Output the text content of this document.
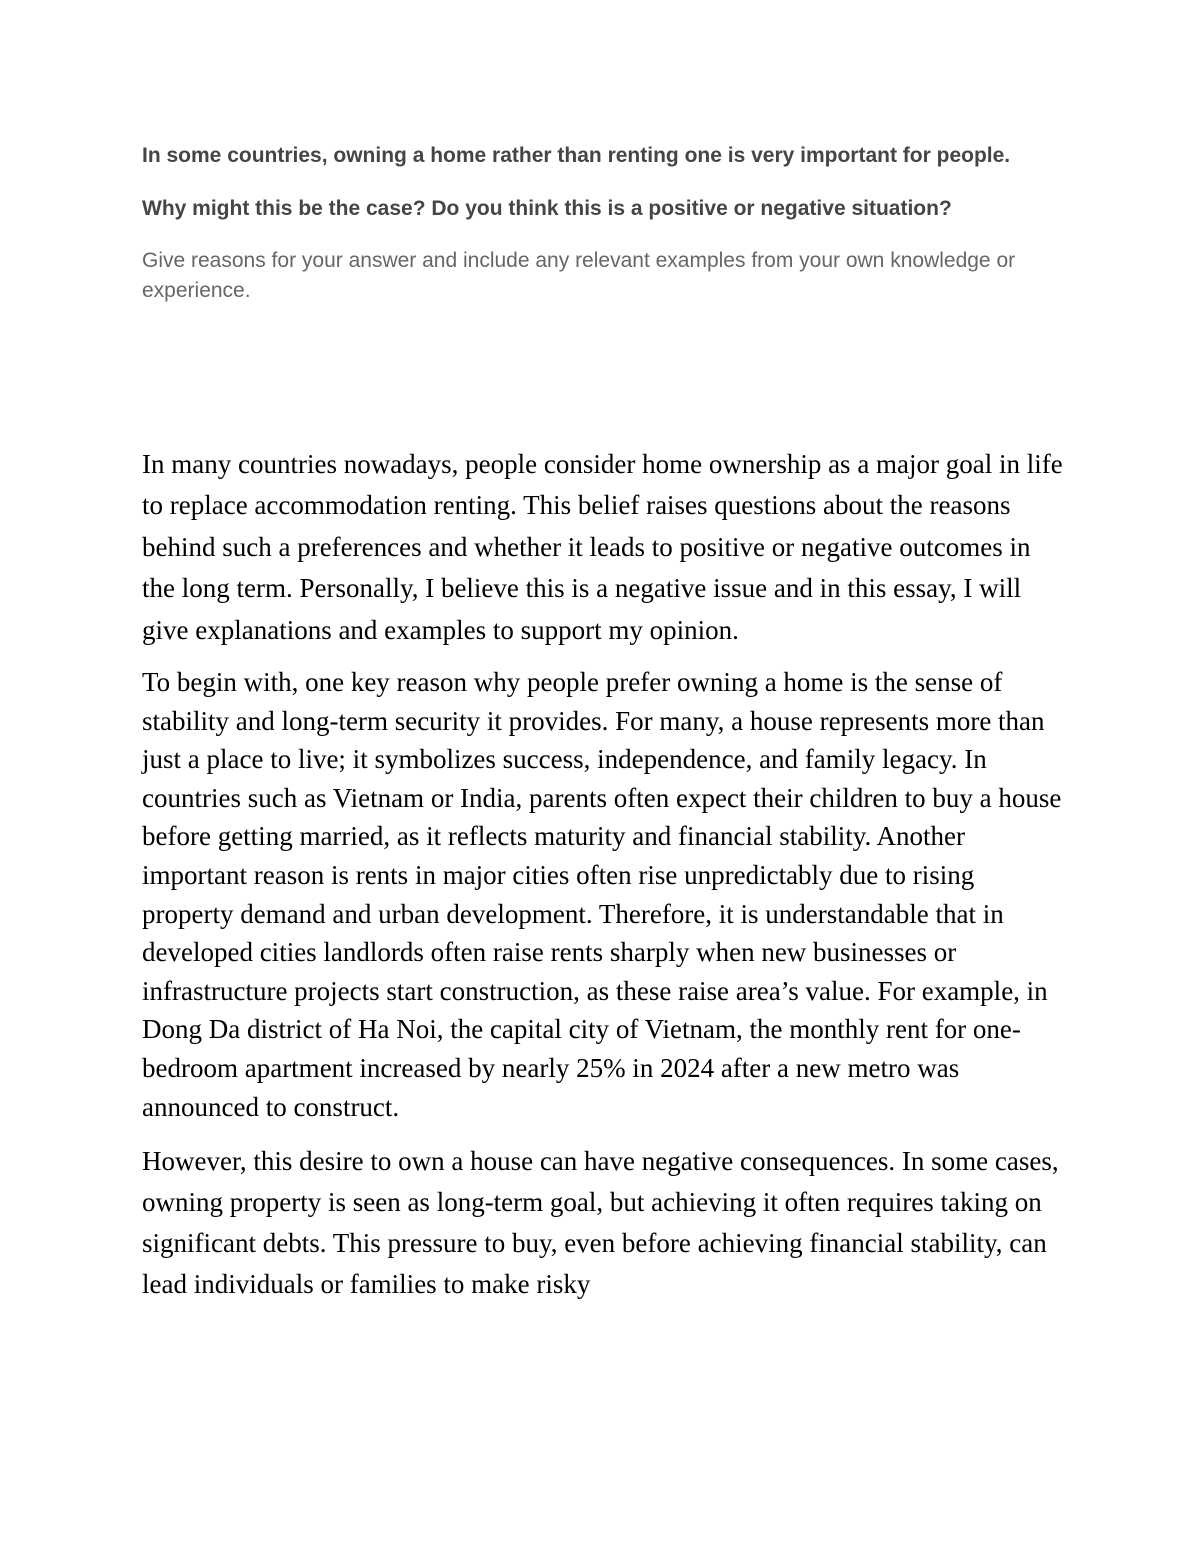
In some countries, owning a home rather than renting one is very important for people.

Why might this be the case? Do you think this is a positive or negative situation?

Give reasons for your answer and include any relevant examples from your own knowledge or experience.

In many countries nowadays, people consider home ownership as a major goal in life to replace accommodation renting. This belief raises questions about the reasons behind such a preferences and whether it leads to positive or negative outcomes in the long term. Personally, I believe this is a negative issue and in this essay, I will give explanations and examples to support my opinion.

To begin with, one key reason why people prefer owning a home is the sense of stability and long-term security it provides. For many, a house represents more than just a place to live; it symbolizes success, independence, and family legacy. In countries such as Vietnam or India, parents often expect their children to buy a house before getting married, as it reflects maturity and financial stability. Another important reason is rents in major cities often rise unpredictably due to rising property demand and urban development. Therefore, it is understandable that in developed cities landlords often raise rents sharply when new businesses or infrastructure projects start construction, as these raise area’s value. For example, in Dong Da district of Ha Noi, the capital city of Vietnam, the monthly rent for one-bedroom apartment increased by nearly 25% in 2024 after a new metro was announced to construct.

However, this desire to own a house can have negative consequences. In some cases, owning property is seen as long-term goal, but achieving it often requires taking on significant debts. This pressure to buy, even before achieving financial stability, can lead individuals or families to make risky
